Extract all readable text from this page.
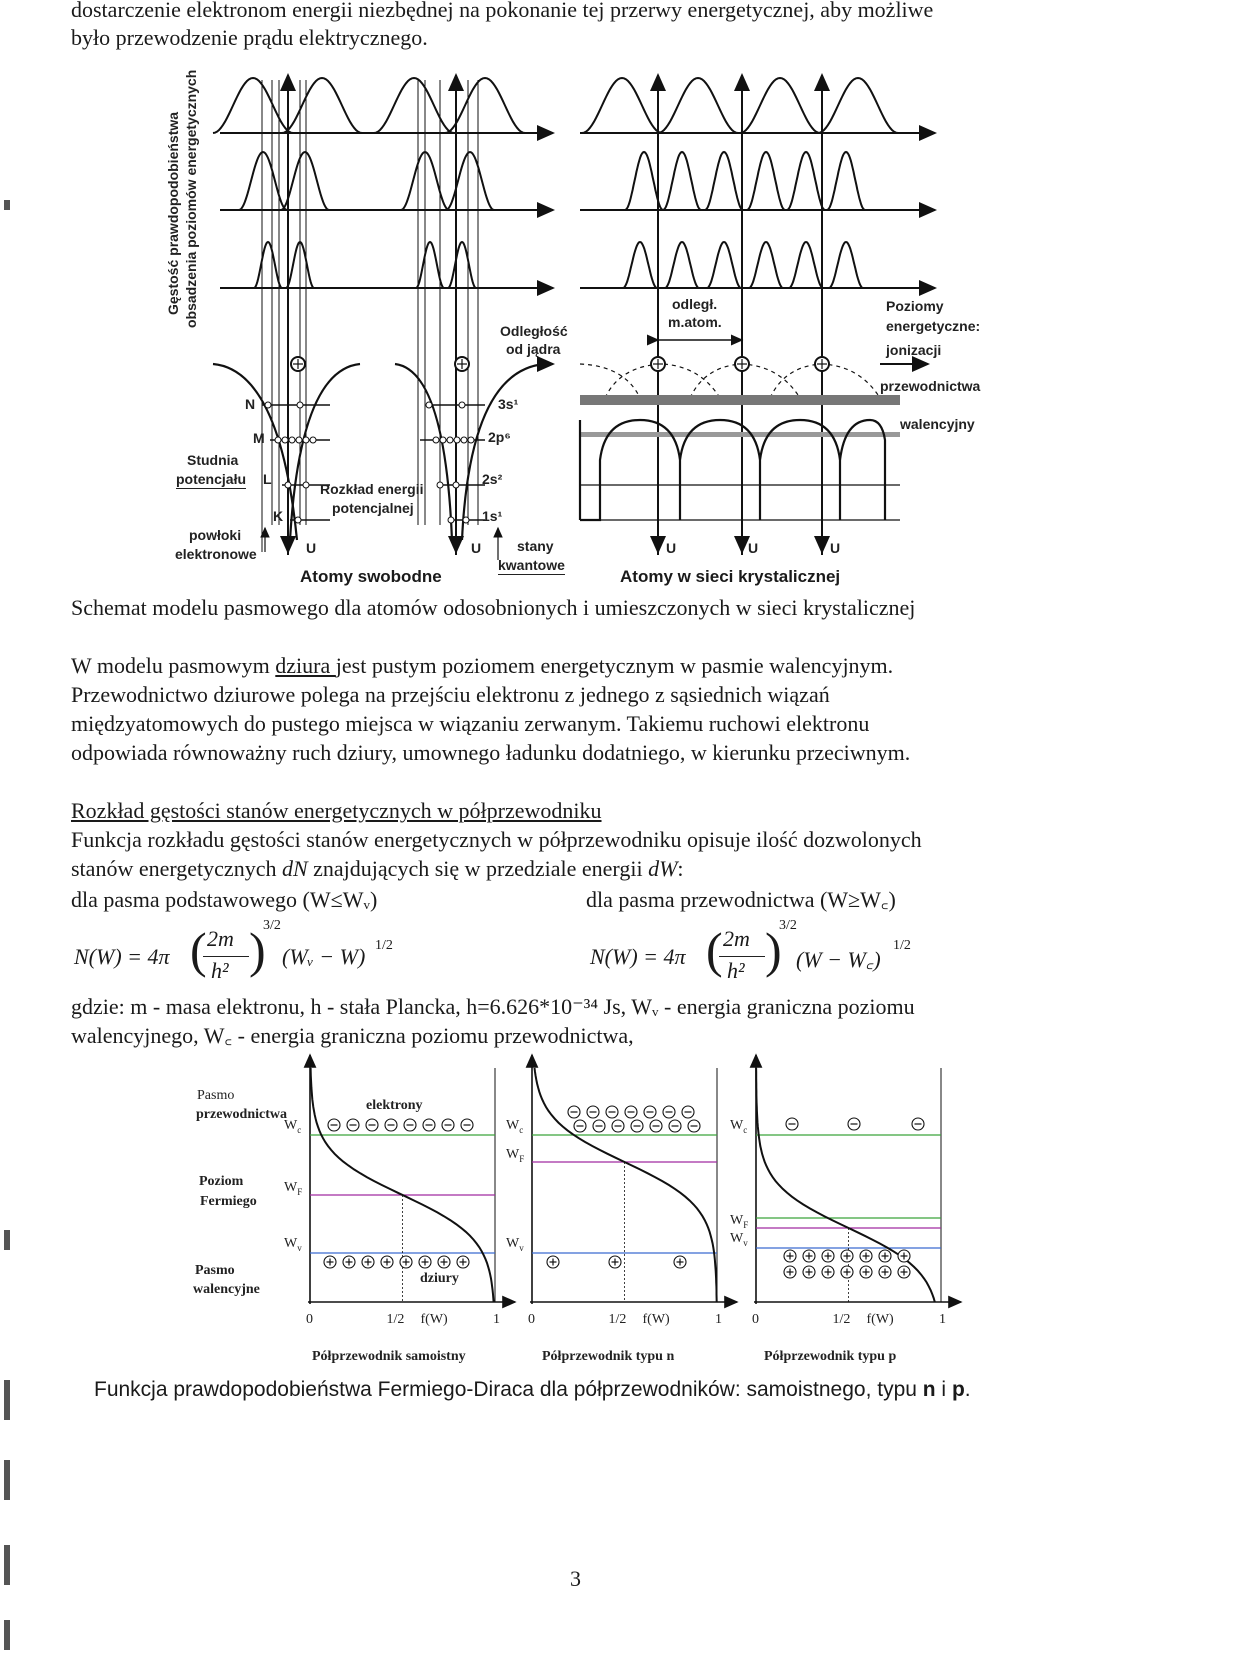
dostarczenie elektronom energii niezbędnej na pokonanie tej przerwy energetycznej, aby możliwe
było przewodzenie prądu elektrycznego.
Gęstość prawdopodobieństwa obsadzenia poziomów energetycznych
Odległość
od jądra
odległ.
m.atom.
Poziomy
energetyczne:
jonizacji
przewodnictwa
walencyjny
N
M
L
K
Studnia
potencjału
Rozkład energii
potencjalnej
powłoki
elektronowe
3s¹
2p⁶
2s²
1s¹
stany
kwantowe
U	U	U	U	U
Atomy swobodne	Atomy w sieci krystalicznej
Schemat modelu pasmowego dla atomów odosobnionych i umieszczonych w sieci krystalicznej
W modelu pasmowym dziura jest pustym poziomem energetycznym w pasmie walencyjnym.
Przewodnictwo dziurowe polega na przejściu elektronu z jednego z sąsiednich wiązań
międzyatomowych do pustego miejsca w wiązaniu zerwanym. Takiemu ruchowi elektronu
odpowiada równoważny ruch dziury, umownego ładunku dodatniego, w kierunku przeciwnym.
Rozkład gęstości stanów energetycznych w półprzewodniku
Funkcja rozkładu gęstości stanów energetycznych w półprzewodniku opisuje ilość dozwolonych
stanów energetycznych dN znajdujących się w przedziale energii dW:
dla pasma podstawowego (W≤Wᵥ)	dla pasma przewodnictwa (W≥W꜀)
N(W) = 4π
2m
h²
( )
3/2
(Wᵥ − W) 1/2	N(W) = 4π
2m
h²
( )
3/2
(W − W꜀)
1/2
gdzie: m - masa elektronu, h - stała Plancka, h=6.626*10⁻³⁴ Js, Wᵥ - energia graniczna poziomu
walencyjnego, W꜀ - energia graniczna poziomu przewodnictwa,
Pasmo
przewodnictwa
Poziom
Fermiego
Pasmo
walencyjne
elektrony
dziury
$W_c$
$W_F$
$W_v$
0	1/2 f(W)	1
$W_c$
$W_F$
$W_v$
0	1/2 f(W)	1
$W_c$
$W_F$
$W_v$
0	1/2 f(W)	1
Półprzewodnik samoistny	Półprzewodnik typu n	Półprzewodnik typu p
Funkcja prawdopodobieństwa Fermiego-Diraca dla półprzewodników: samoistnego, typu n i p.
3
